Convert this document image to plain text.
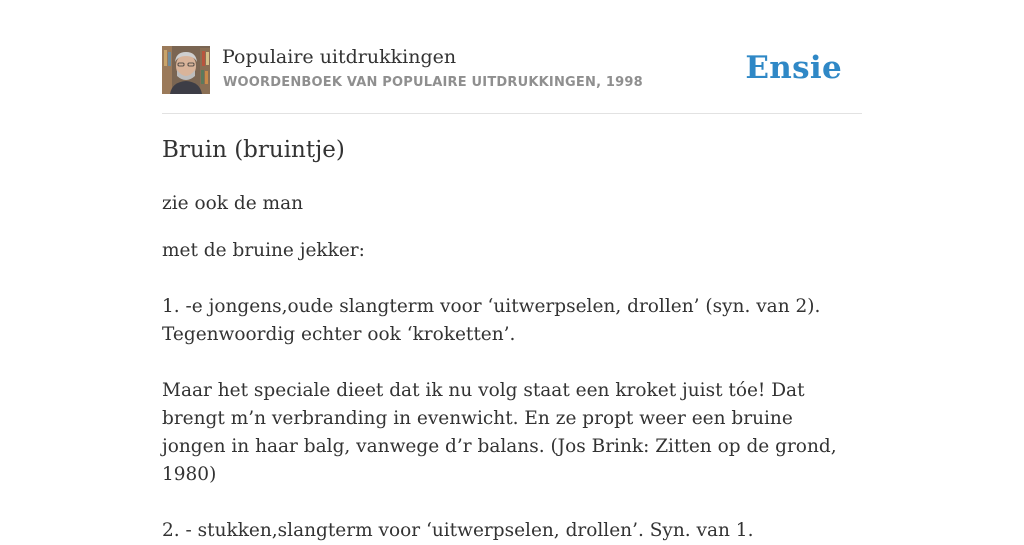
Populaire uitdrukkingen
WOORDENBOEK VAN POPULAIRE UITDRUKKINGEN, 1998	Ensie
Bruin (bruintje)

zie ook de man

met de bruine jekker:

1. -e jongens,oude slangterm voor ‘uitwerpselen, drollen’ (syn. van 2). Tegenwoordig echter ook ‘kroketten’.

Maar het speciale dieet dat ik nu volg staat een kroket juist tóe! Dat brengt m’n verbranding in evenwicht. En ze propt weer een bruine jongen in haar balg, vanwege d’r balans. (Jos Brink: Zitten op de grond, 1980)

2. - stukken,slangterm voor ‘uitwerpselen, drollen’. Syn. van 1.
